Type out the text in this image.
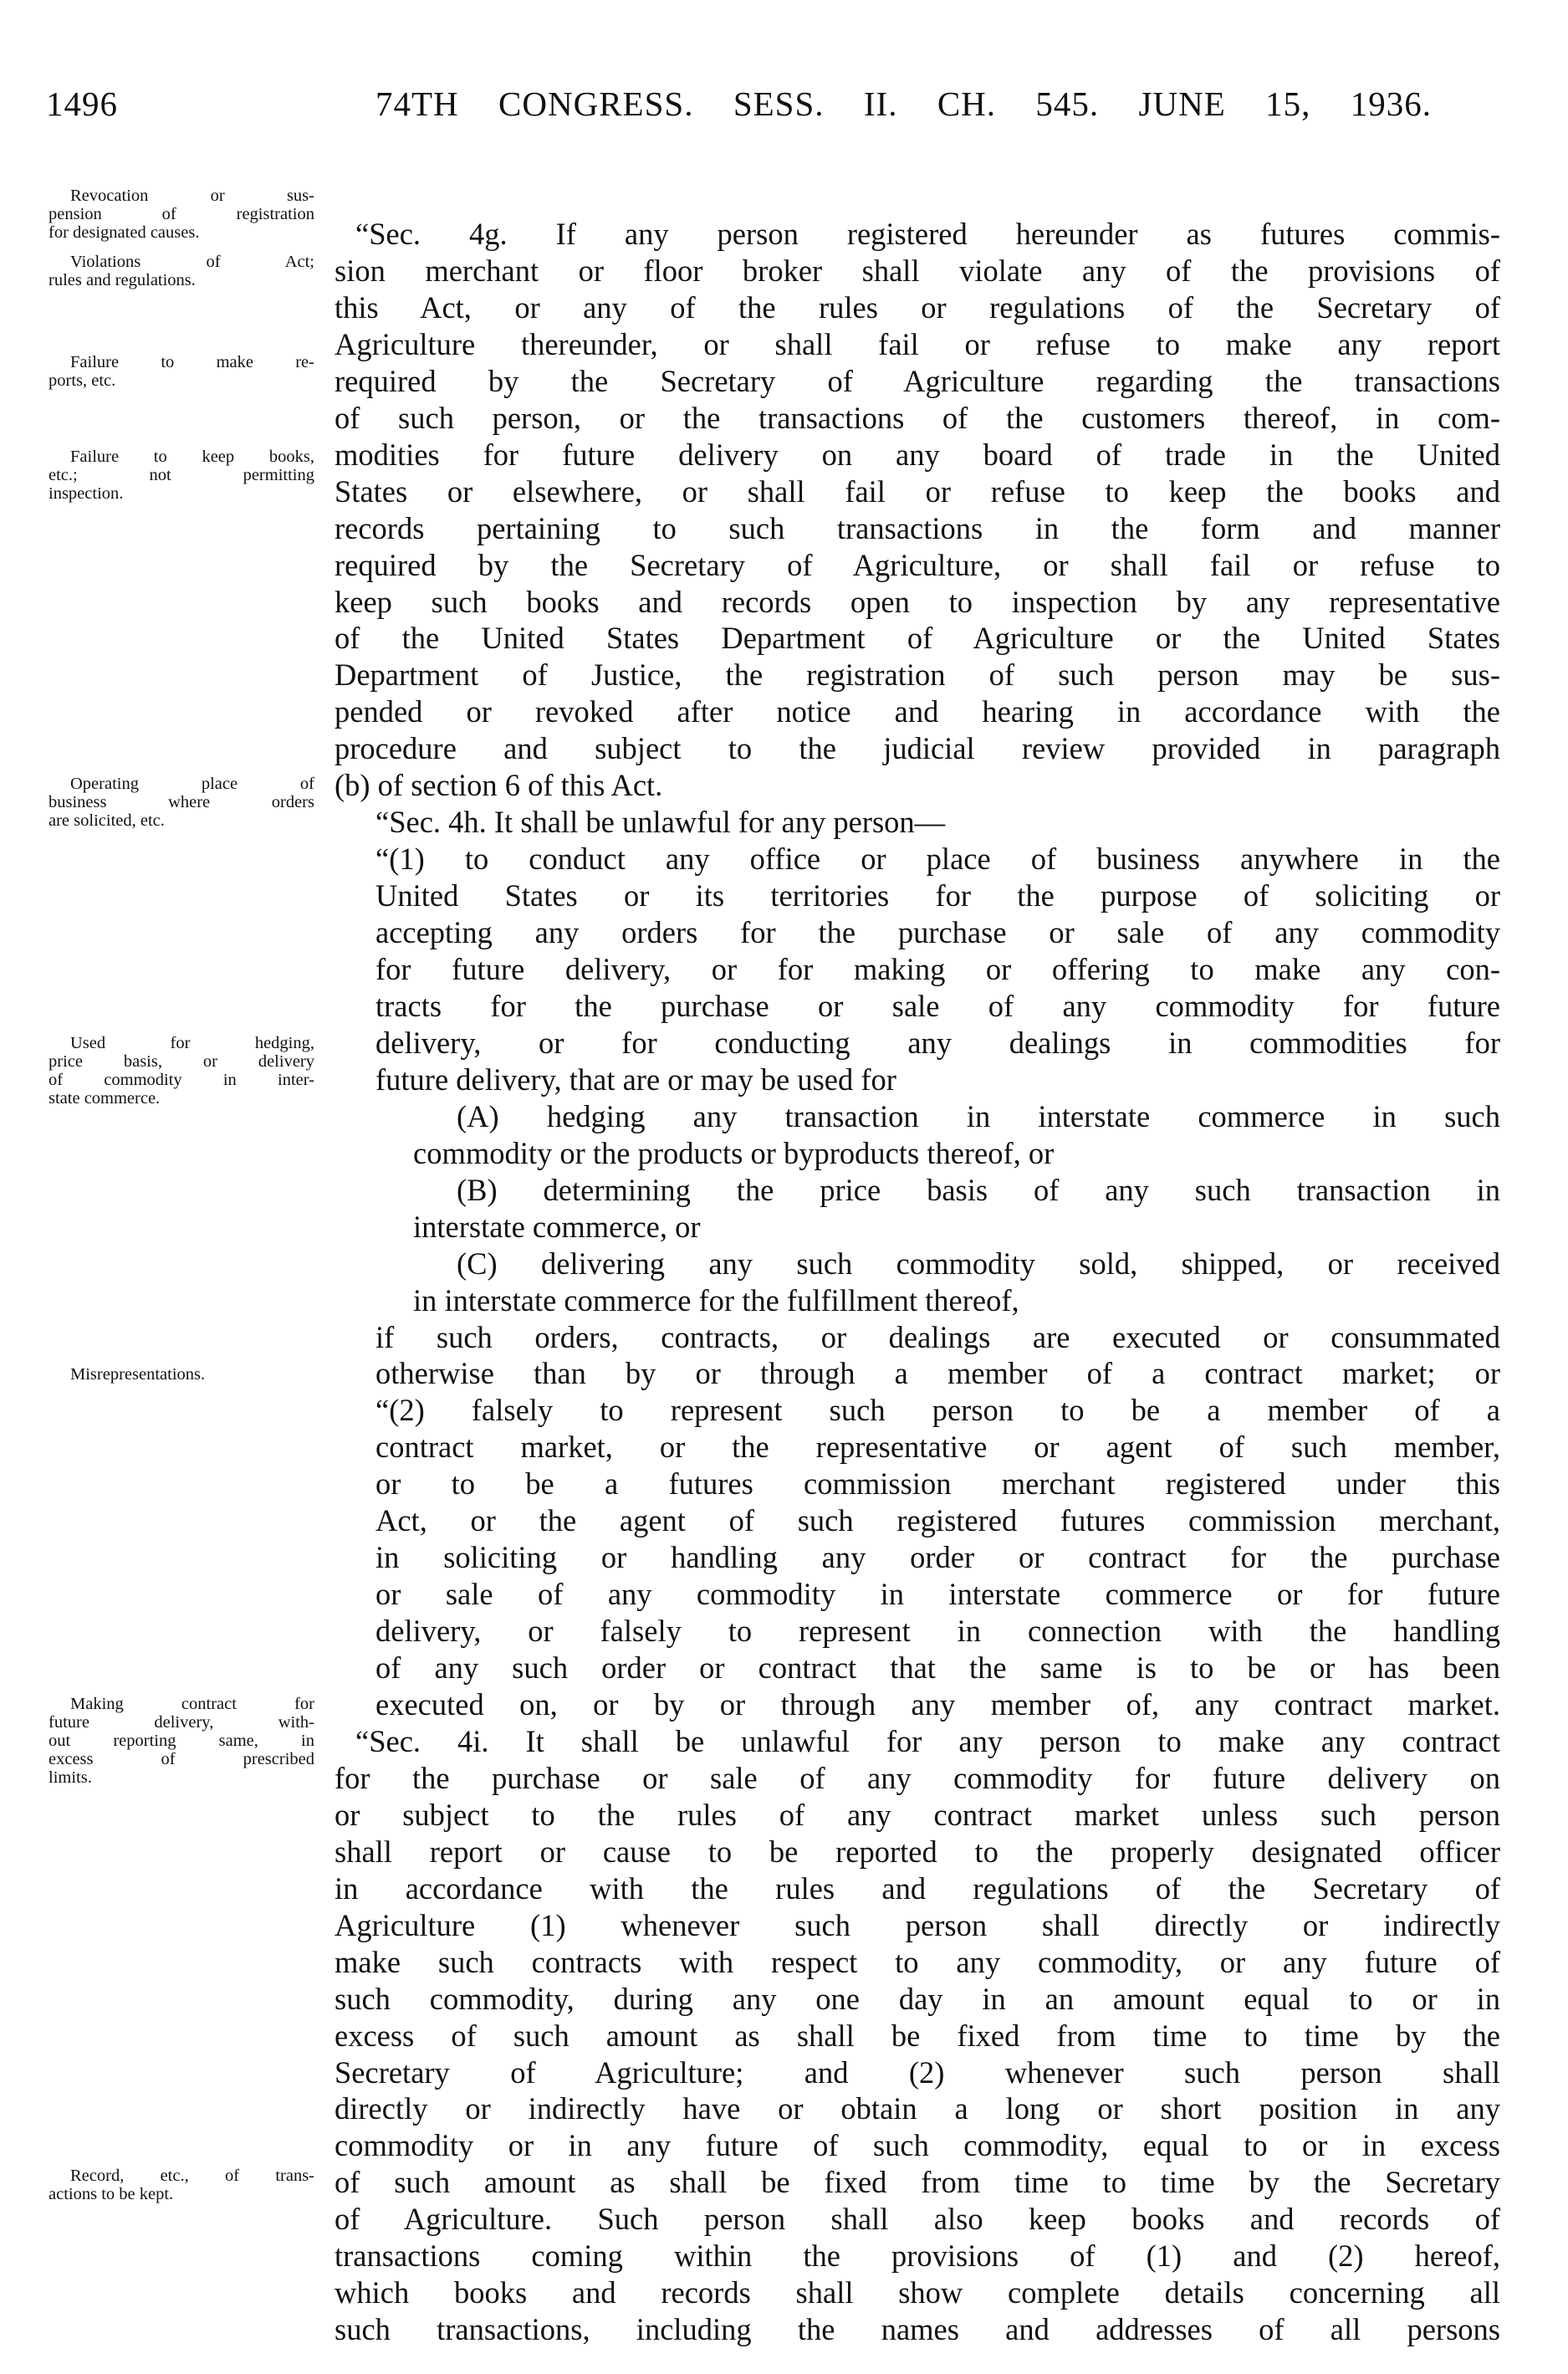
1496	74TH CONGRESS. SESS. II. CH. 545. JUNE 15, 1936.
Revocation or sus-
pension of registration
for designated causes.
Violations of Act;
rules and regulations.
Failure to make re-
ports, etc.
Failure to keep books,
etc.; not permitting
inspection.
Operating place of
business where orders
are solicited, etc.
Used for hedging,
price basis, or delivery
of commodity in inter-
state commerce.
Misrepresentations.
Making contract for
future delivery, with-
out reporting same, in
excess of prescribed
limits.
Record, etc., of trans-
actions to be kept.
“Sec. 4g. If any person registered hereunder as futures commis-
sion merchant or floor broker shall violate any of the provisions of
this Act, or any of the rules or regulations of the Secretary of
Agriculture thereunder, or shall fail or refuse to make any report
required by the Secretary of Agriculture regarding the transactions
of such person, or the transactions of the customers thereof, in com-
modities for future delivery on any board of trade in the United
States or elsewhere, or shall fail or refuse to keep the books and
records pertaining to such transactions in the form and manner
required by the Secretary of Agriculture, or shall fail or refuse to
keep such books and records open to inspection by any representative
of the United States Department of Agriculture or the United States
Department of Justice, the registration of such person may be sus-
pended or revoked after notice and hearing in accordance with the
procedure and subject to the judicial review provided in paragraph
(b) of section 6 of this Act.
“Sec. 4h. It shall be unlawful for any person—
“(1) to conduct any office or place of business anywhere in the
United States or its territories for the purpose of soliciting or
accepting any orders for the purchase or sale of any commodity
for future delivery, or for making or offering to make any con-
tracts for the purchase or sale of any commodity for future
delivery, or for conducting any dealings in commodities for
future delivery, that are or may be used for
(A) hedging any transaction in interstate commerce in such
commodity or the products or byproducts thereof, or
(B) determining the price basis of any such transaction in
interstate commerce, or
(C) delivering any such commodity sold, shipped, or received
in interstate commerce for the fulfillment thereof,
if such orders, contracts, or dealings are executed or consummated
otherwise than by or through a member of a contract market; or
“(2) falsely to represent such person to be a member of a
contract market, or the representative or agent of such member,
or to be a futures commission merchant registered under this
Act, or the agent of such registered futures commission merchant,
in soliciting or handling any order or contract for the purchase
or sale of any commodity in interstate commerce or for future
delivery, or falsely to represent in connection with the handling
of any such order or contract that the same is to be or has been
executed on, or by or through any member of, any contract market.
“Sec. 4i. It shall be unlawful for any person to make any contract
for the purchase or sale of any commodity for future delivery on
or subject to the rules of any contract market unless such person
shall report or cause to be reported to the properly designated officer
in accordance with the rules and regulations of the Secretary of
Agriculture (1) whenever such person shall directly or indirectly
make such contracts with respect to any commodity, or any future of
such commodity, during any one day in an amount equal to or in
excess of such amount as shall be fixed from time to time by the
Secretary of Agriculture; and (2) whenever such person shall
directly or indirectly have or obtain a long or short position in any
commodity or in any future of such commodity, equal to or in excess
of such amount as shall be fixed from time to time by the Secretary
of Agriculture. Such person shall also keep books and records of
transactions coming within the provisions of (1) and (2) hereof,
which books and records shall show complete details concerning all
such transactions, including the names and addresses of all persons
